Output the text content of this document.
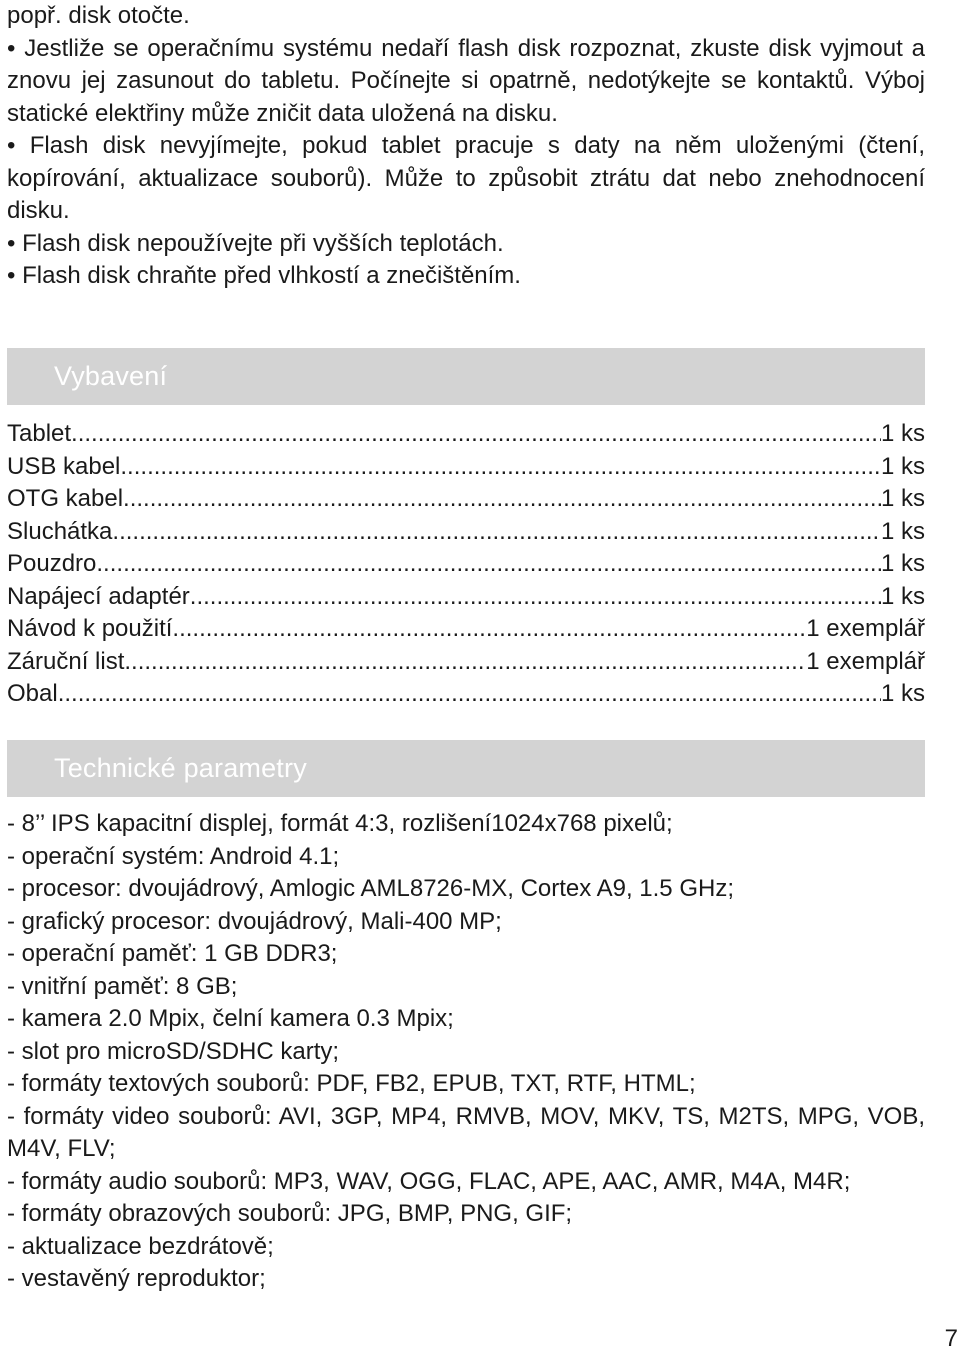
popř. disk otočte.

• Jestliže se operačnímu systému nedaří flash disk rozpoznat, zkuste disk vyjmout a znovu jej zasunout do tabletu. Počínejte si opatrně, nedotýkejte se kontaktů. Výboj statické elektřiny může zničit data uložená na disku.

• Flash disk nevyjímejte, pokud tablet pracuje s daty na něm uloženými (čtení, kopírování, aktualizace souborů). Může to způsobit ztrátu dat nebo znehodnocení disku.

• Flash disk nepoužívejte při vyšších teplotách.

• Flash disk chraňte před vlhkostí a znečištěním.

Vybavení
Tablet .....	1 ks
USB kabel .....	1 ks
OTG kabel .....	1 ks
Sluchátka .....	1 ks
Pouzdro .....	1 ks
Napájecí adaptér .....	1 ks
Návod k použití .....	1 exemplář
Záruční list .....	1 exemplář
Obal .....	1 ks
Technické parametry

- 8’’ IPS kapacitní displej, formát 4:3, rozlišení1024x768 pixelů;

- operační systém: Android 4.1;

- procesor: dvoujádrový, Amlogic AML8726-MX, Cortex A9, 1.5 GHz;

- grafický procesor: dvoujádrový, Mali-400 MP;

- operační paměť: 1 GB DDR3;

- vnitřní paměť: 8 GB;

- kamera 2.0 Mpix, čelní kamera 0.3 Mpix;

- slot pro microSD/SDHC karty;

- formáty textových souborů: PDF, FB2, EPUB, TXT, RTF, HTML;

- formáty video souborů: AVI, 3GP, MP4, RMVB, MOV, MKV, TS, M2TS, MPG, VOB, M4V, FLV;

- formáty audio souborů: MP3, WAV, OGG, FLAC, APE, AAC, AMR, M4A, M4R;

- formáty obrazových souborů: JPG, BMP, PNG, GIF;

- aktualizace bezdrátově;

- vestavěný reproduktor;

7
